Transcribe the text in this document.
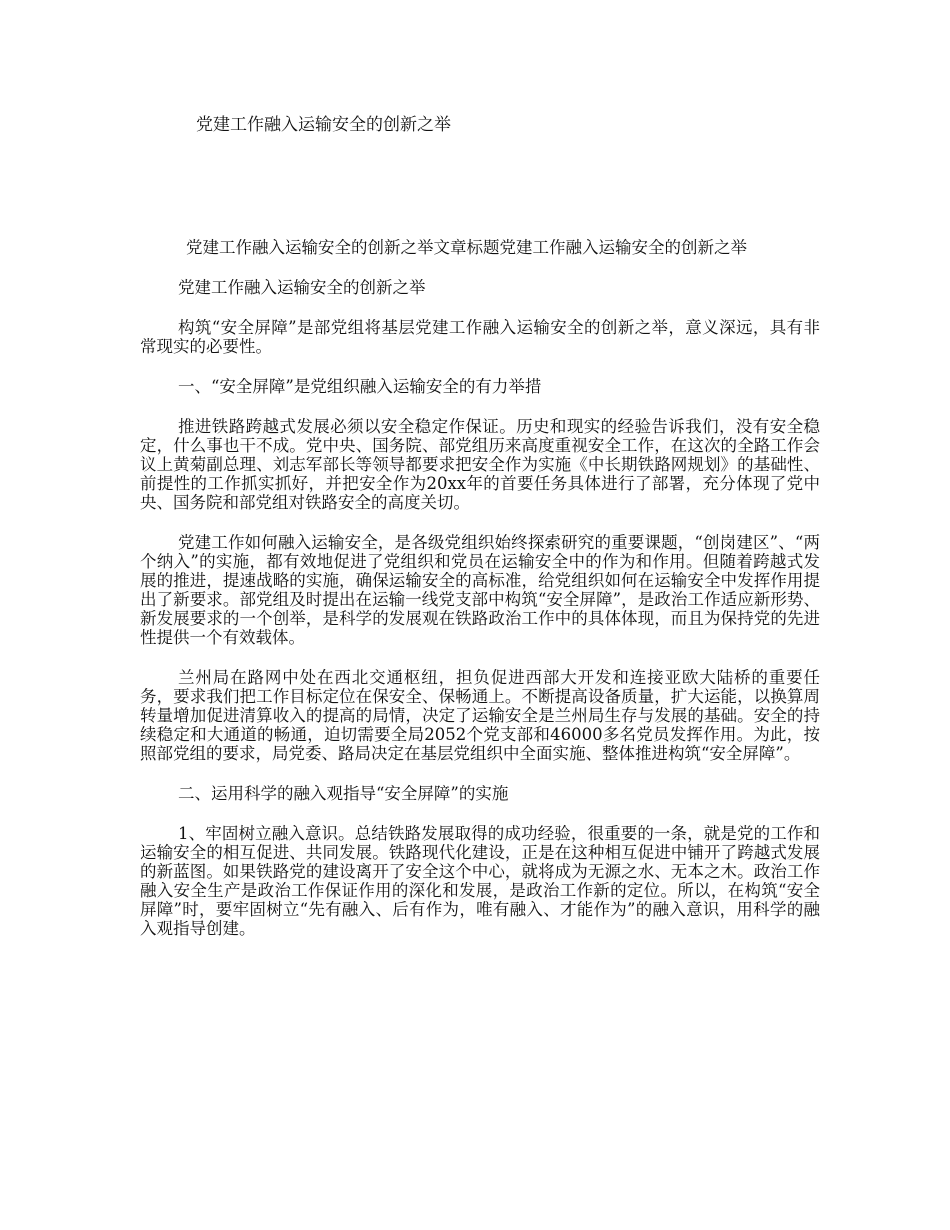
党建工作融入运输安全的创新之举

党建工作融入运输安全的创新之举文章标题党建工作融入运输安全的创新之举

党建工作融入运输安全的创新之举

构筑“安全屏障”是部党组将基层党建工作融入运输安全的创新之举，意义深远，具有非常现实的必要性。

一、“安全屏障”是党组织融入运输安全的有力举措

推进铁路跨越式发展必须以安全稳定作保证。历史和现实的经验告诉我们，没有安全稳定，什么事也干不成。党中央、国务院、部党组历来高度重视安全工作，在这次的全路工作会议上黄菊副总理、刘志军部长等领导都要求把安全作为实施《中长期铁路网规划》的基础性、前提性的工作抓实抓好，并把安全作为20xx年的首要任务具体进行了部署，充分体现了党中央、国务院和部党组对铁路安全的高度关切。

党建工作如何融入运输安全，是各级党组织始终探索研究的重要课题，“创岗建区”、“两个纳入”的实施，都有效地促进了党组织和党员在运输安全中的作为和作用。但随着跨越式发展的推进，提速战略的实施，确保运输安全的高标准，给党组织如何在运输安全中发挥作用提出了新要求。部党组及时提出在运输一线党支部中构筑“安全屏障”，是政治工作适应新形势、新发展要求的一个创举，是科学的发展观在铁路政治工作中的具体体现，而且为保持党的先进性提供一个有效载体。

兰州局在路网中处在西北交通枢纽，担负促进西部大开发和连接亚欧大陆桥的重要任务，要求我们把工作目标定位在保安全、保畅通上。不断提高设备质量，扩大运能，以换算周转量增加促进清算收入的提高的局情，决定了运输安全是兰州局生存与发展的基础。安全的持续稳定和大通道的畅通，迫切需要全局2052个党支部和46000多名党员发挥作用。为此，按照部党组的要求，局党委、路局决定在基层党组织中全面实施、整体推进构筑“安全屏障”。

二、运用科学的融入观指导“安全屏障”的实施

1、牢固树立融入意识。总结铁路发展取得的成功经验，很重要的一条，就是党的工作和运输安全的相互促进、共同发展。铁路现代化建设，正是在这种相互促进中铺开了跨越式发展的新蓝图。如果铁路党的建设离开了安全这个中心，就将成为无源之水、无本之木。政治工作融入安全生产是政治工作保证作用的深化和发展，是政治工作新的定位。所以，在构筑“安全屏障”时，要牢固树立“先有融入、后有作为，唯有融入、才能作为”的融入意识，用科学的融入观指导创建。
